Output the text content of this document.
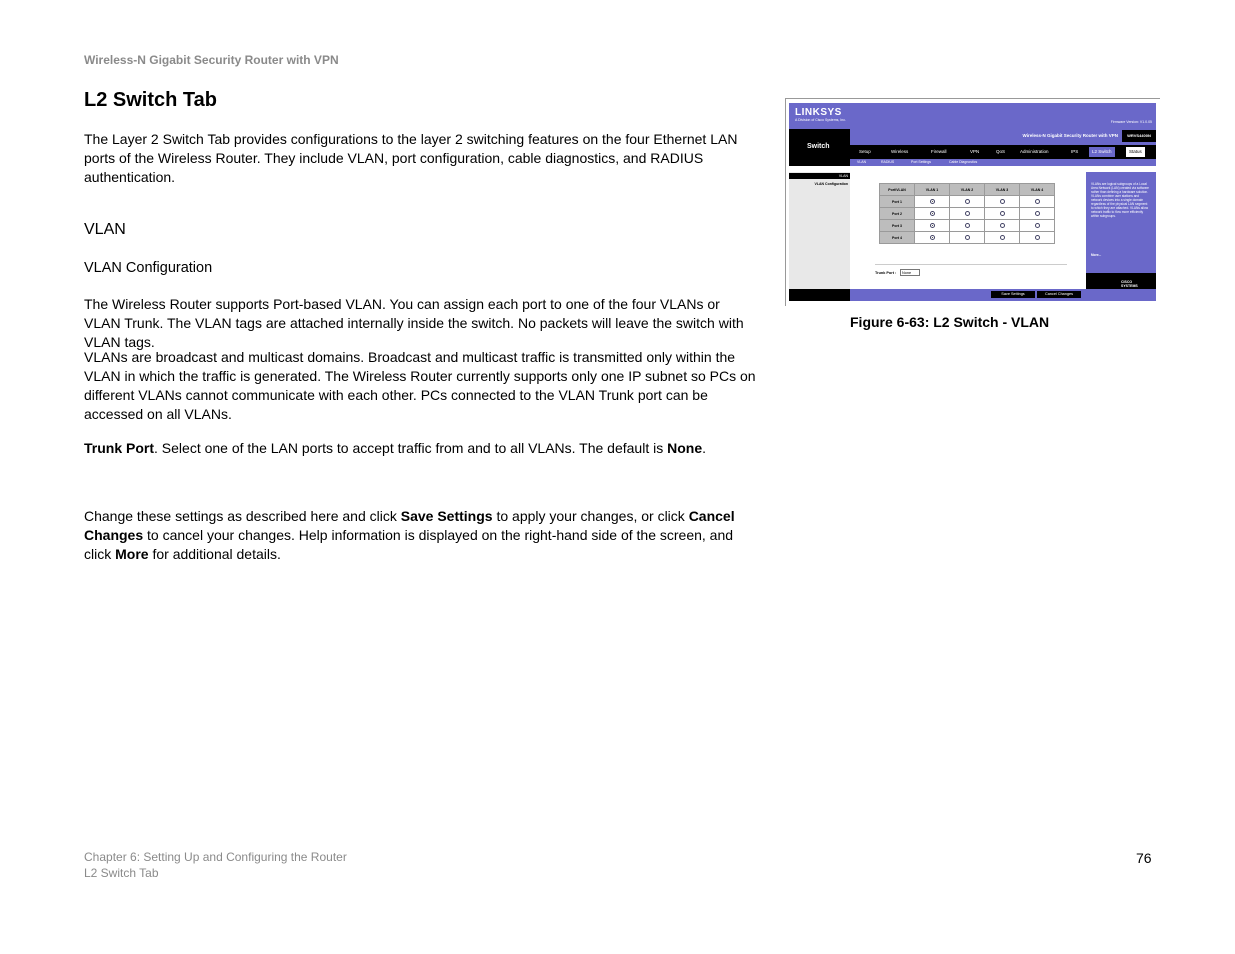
Wireless-N Gigabit Security Router with VPN
L2 Switch Tab
The Layer 2 Switch Tab provides configurations to the layer 2 switching features on the four Ethernet LAN ports of the Wireless Router. They include VLAN, port configuration, cable diagnostics, and RADIUS authentication.
VLAN
VLAN Configuration
The Wireless Router supports Port-based VLAN. You can assign each port to one of the four VLANs or VLAN Trunk. The VLAN tags are attached internally inside the switch. No packets will leave the switch with VLAN tags.
VLANs are broadcast and multicast domains. Broadcast and multicast traffic is transmitted only within the VLAN in which the traffic is generated. The Wireless Router currently supports only one IP subnet so PCs on different VLANs cannot communicate with each other. PCs connected to the VLAN Trunk port can be accessed on all VLANs.
Trunk Port. Select one of the LAN ports to accept traffic from and to all VLANs. The default is None.
Change these settings as described here and click Save Settings to apply your changes, or click Cancel Changes to cancel your changes. Help information is displayed on the right-hand side of the screen, and click More for additional details.
LINKSYS
A Division of Cisco Systems, Inc.	Firmware Version: V1.0.05
Switch
Wireless-N Gigabit Security Router with VPN	WRVS4400N
Setup	Wireless	Firewall	VPN	QoS	Administration	IPS	L2 Switch	Status
VLAN	RADIUS	Port Settings	Cable Diagnostics
VLAN
VLAN Configuration
Port\VLAN	VLAN 1	VLAN 2	VLAN 3	VLAN 4
Port 1				
Port 2				
Port 3				
Port 4				
Trunk Port :	None
VLANs are logical subgroups of a Local Area Network (LAN) created via software rather than defining a hardware solution. VLANs combine user stations and network devices into a single domain regardless of the physical LAN segment to which they are attached. VLANs allow network traffic to flow more efficiently within subgroups.
More...
CISCO SYSTEMS
Save Settings	Cancel Changes
Figure 6-63: L2 Switch - VLAN
Chapter 6: Setting Up and Configuring the Router
L2 Switch Tab
76
